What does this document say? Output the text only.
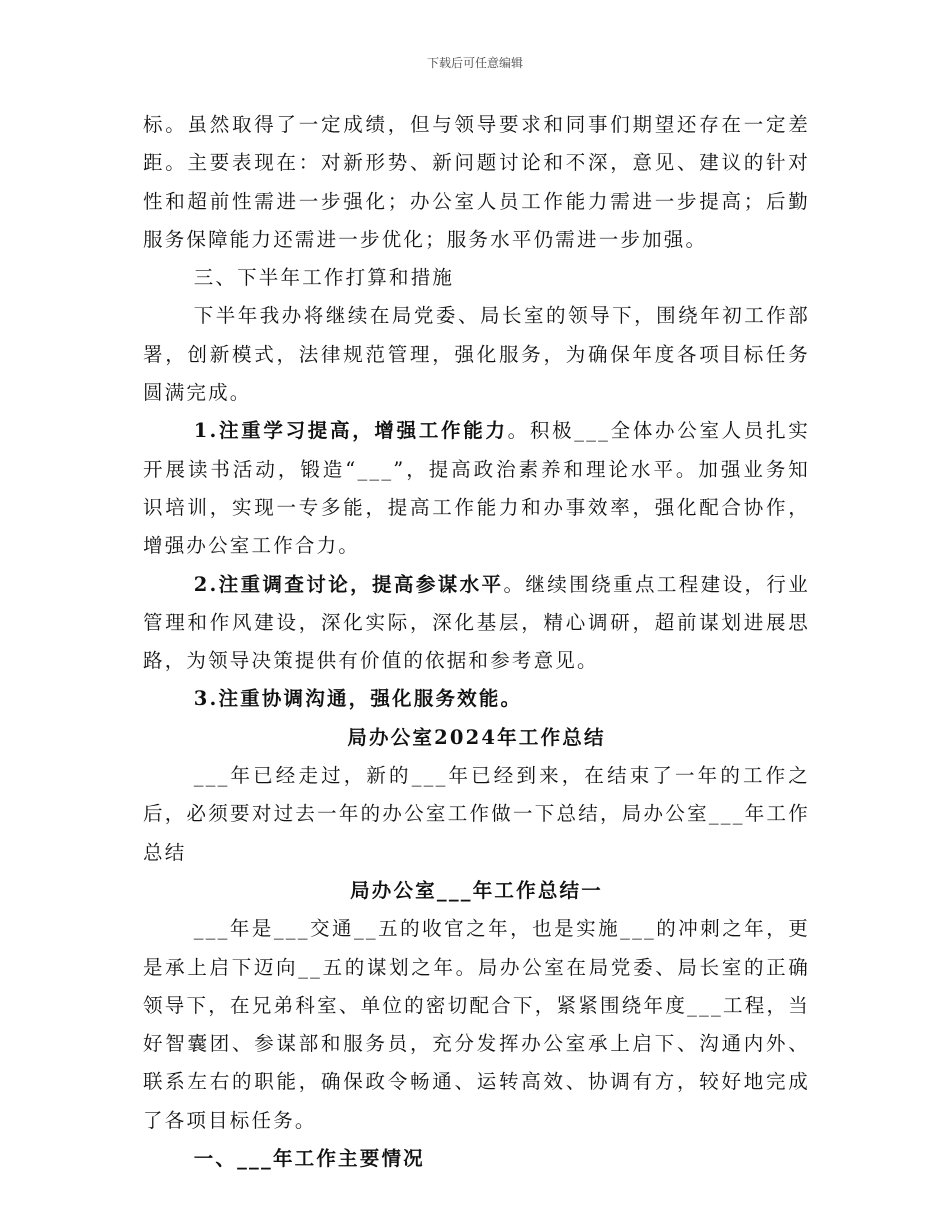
下载后可任意编辑

标。虽然取得了一定成绩，但与领导要求和同事们期望还存在一定差距。主要表现在：对新形势、新问题讨论和不深，意见、建议的针对性和超前性需进一步强化；办公室人员工作能力需进一步提高；后勤服务保障能力还需进一步优化；服务水平仍需进一步加强。

三、下半年工作打算和措施

下半年我办将继续在局党委、局长室的领导下，围绕年初工作部署，创新模式，法律规范管理，强化服务，为确保年度各项目标任务圆满完成。

1.注重学习提高，增强工作能力。积极___全体办公室人员扎实开展读书活动，锻造“___”，提高政治素养和理论水平。加强业务知识培训，实现一专多能，提高工作能力和办事效率，强化配合协作，增强办公室工作合力。

2.注重调查讨论，提高参谋水平。继续围绕重点工程建设，行业管理和作风建设，深化实际，深化基层，精心调研，超前谋划进展思路，为领导决策提供有价值的依据和参考意见。

3.注重协调沟通，强化服务效能。

局办公室2024年工作总结

___年已经走过，新的___年已经到来，在结束了一年的工作之后，必须要对过去一年的办公室工作做一下总结，局办公室___年工作总结

局办公室___年工作总结一

___年是___交通__五的收官之年，也是实施___的冲刺之年，更是承上启下迈向__五的谋划之年。局办公室在局党委、局长室的正确领导下，在兄弟科室、单位的密切配合下，紧紧围绕年度___工程，当好智囊团、参谋部和服务员，充分发挥办公室承上启下、沟通内外、联系左右的职能，确保政令畅通、运转高效、协调有方，较好地完成了各项目标任务。

一、___年工作主要情况
